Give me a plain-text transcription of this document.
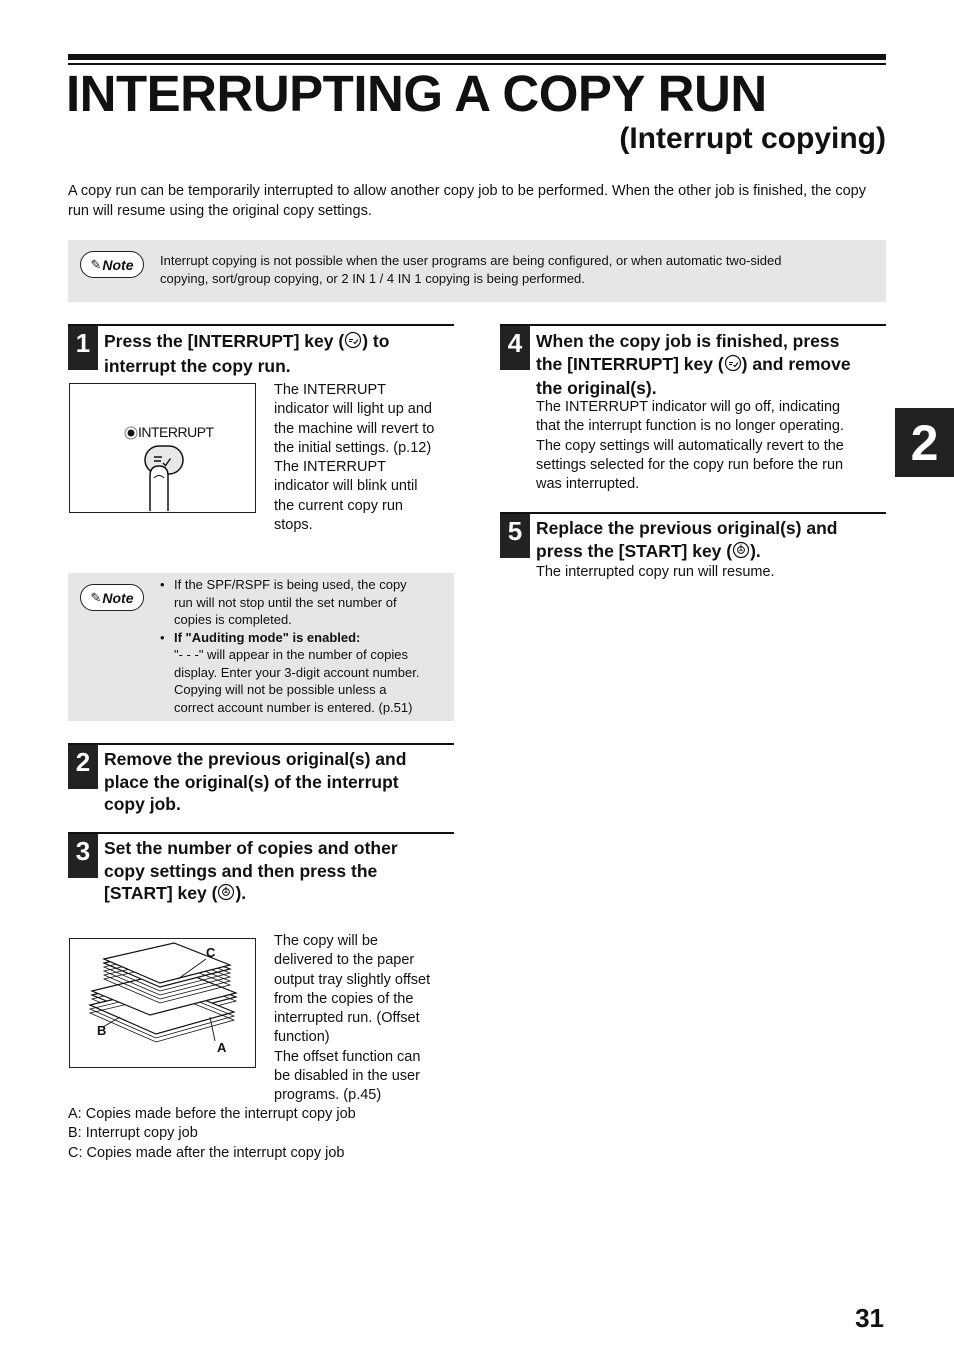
INTERRUPTING A COPY RUN
(Interrupt copying)
A copy run can be temporarily interrupted to allow another copy job to be performed. When the other job is finished, the copy run will resume using the original copy settings.
✎ Note Interrupt copying is not possible when the user programs are being configured, or when automatic two-sided
copying, sort/group copying, or 2 IN 1 / 4 IN 1 copying is being performed.
1 Press the [INTERRUPT] key ( ) to
interrupt the copy run.
INTERRUPT
The INTERRUPT
indicator will light up and
the machine will revert to
the initial settings. (p.12)
The INTERRUPT
indicator will blink until
the current copy run
stops.
✎ Note
• If the SPF/RSPF is being used, the copy
run will not stop until the set number of
copies is completed.
• If "Auditing mode" is enabled:
"- - -" will appear in the number of copies
display. Enter your 3-digit account number.
Copying will not be possible unless a
correct account number is entered. (p.51)
2 Remove the previous original(s) and
place the original(s) of the interrupt
copy job.
3 Set the number of copies and other
copy settings and then press the
[START] key ( ).
C
B
A
The copy will be
delivered to the paper
output tray slightly offset
from the copies of the
interrupted run. (Offset
function)
The offset function can
be disabled in the user
programs. (p.45)
A: Copies made before the interrupt copy job
B: Interrupt copy job
C: Copies made after the interrupt copy job
4 When the copy job is finished, press
the [INTERRUPT] key ( ) and remove
the original(s).
The INTERRUPT indicator will go off, indicating
that the interrupt function is no longer operating.
The copy settings will automatically revert to the
settings selected for the copy run before the run
was interrupted.
5 Replace the previous original(s) and
press the [START] key ( ).
The interrupted copy run will resume.
2
31
